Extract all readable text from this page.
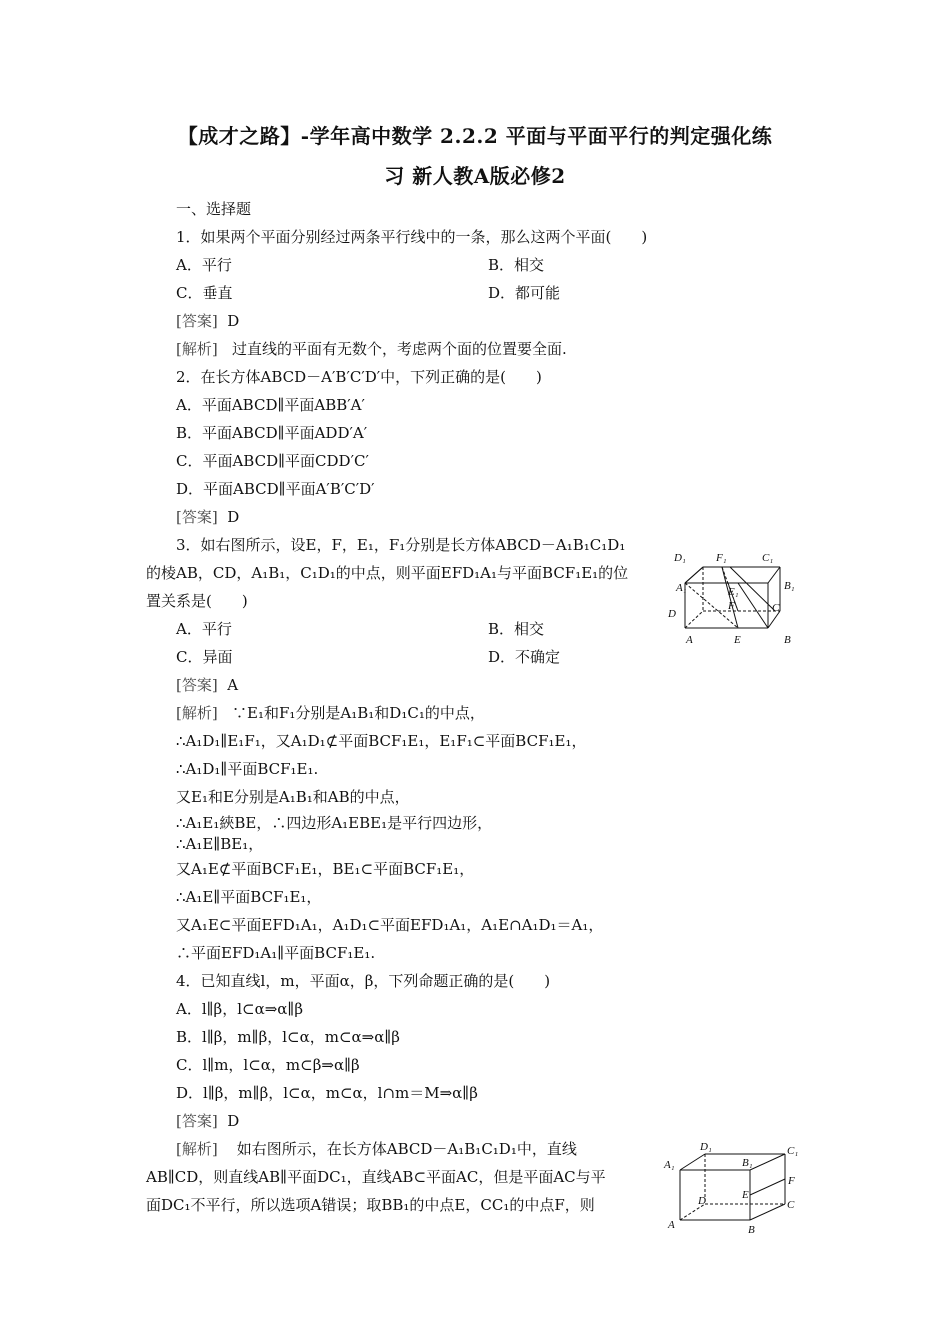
【成才之路】-学年高中数学 2.2.2 平面与平面平行的判定强化练
习 新人教A版必修2
一、选择题
1．如果两个平面分别经过两条平行线中的一条，那么这两个平面(　　)
A．平行	B．相交
C．垂直	D．都可能
[答案] D
[解析] 过直线的平面有无数个，考虑两个面的位置要全面.
2．在长方体ABCD－A′B′C′D′中，下列正确的是(　　)
A．平面ABCD∥平面ABB′A′
B．平面ABCD∥平面ADD′A′
C．平面ABCD∥平面CDD′C′
D．平面ABCD∥平面A′B′C′D′
[答案] D
3．如右图所示，设E，F，E₁，F₁分别是长方体ABCD－A₁B₁C₁D₁
的棱AB，CD，A₁B₁，C₁D₁的中点，则平面EFD₁A₁与平面BCF₁E₁的位
置关系是(　　)
A．平行	B．相交
C．异面	D．不确定
[答案] A
[解析] ∵E₁和F₁分别是A₁B₁和D₁C₁的中点，
∴A₁D₁∥E₁F₁，又A₁D₁⊄平面BCF₁E₁，E₁F₁⊂平面BCF₁E₁，
∴A₁D₁∥平面BCF₁E₁.
又E₁和E分别是A₁B₁和AB的中点，
∴A₁E₁綊BE，∴四边形A₁EBE₁是平行四边形，
∴A₁E∥BE₁，
又A₁E⊄平面BCF₁E₁，BE₁⊂平面BCF₁E₁，
∴A₁E∥平面BCF₁E₁，
又A₁E⊂平面EFD₁A₁，A₁D₁⊂平面EFD₁A₁，A₁E∩A₁D₁＝A₁，
∴平面EFD₁A₁∥平面BCF₁E₁.
D₁	F₁	C₁
A₁	E₁	B₁
D
F	C
A	E	B
4．已知直线l，m，平面α，β，下列命题正确的是(　　)
A．l∥β，l⊂α⇒α∥β
B．l∥β，m∥β，l⊂α，m⊂α⇒α∥β
C．l∥m，l⊂α，m⊂β⇒α∥β
D．l∥β，m∥β，l⊂α，m⊂α，l∩m＝M⇒α∥β
[答案] D
[解析] 如右图所示，在长方体ABCD－A₁B₁C₁D₁中，直线
AB∥CD，则直线AB∥平面DC₁，直线AB⊂平面AC，但是平面AC与平
面DC₁不平行，所以选项A错误；取BB₁的中点E，CC₁的中点F，则
D₁	C₁
A₁	B₁
F
E
D	C
A	B
